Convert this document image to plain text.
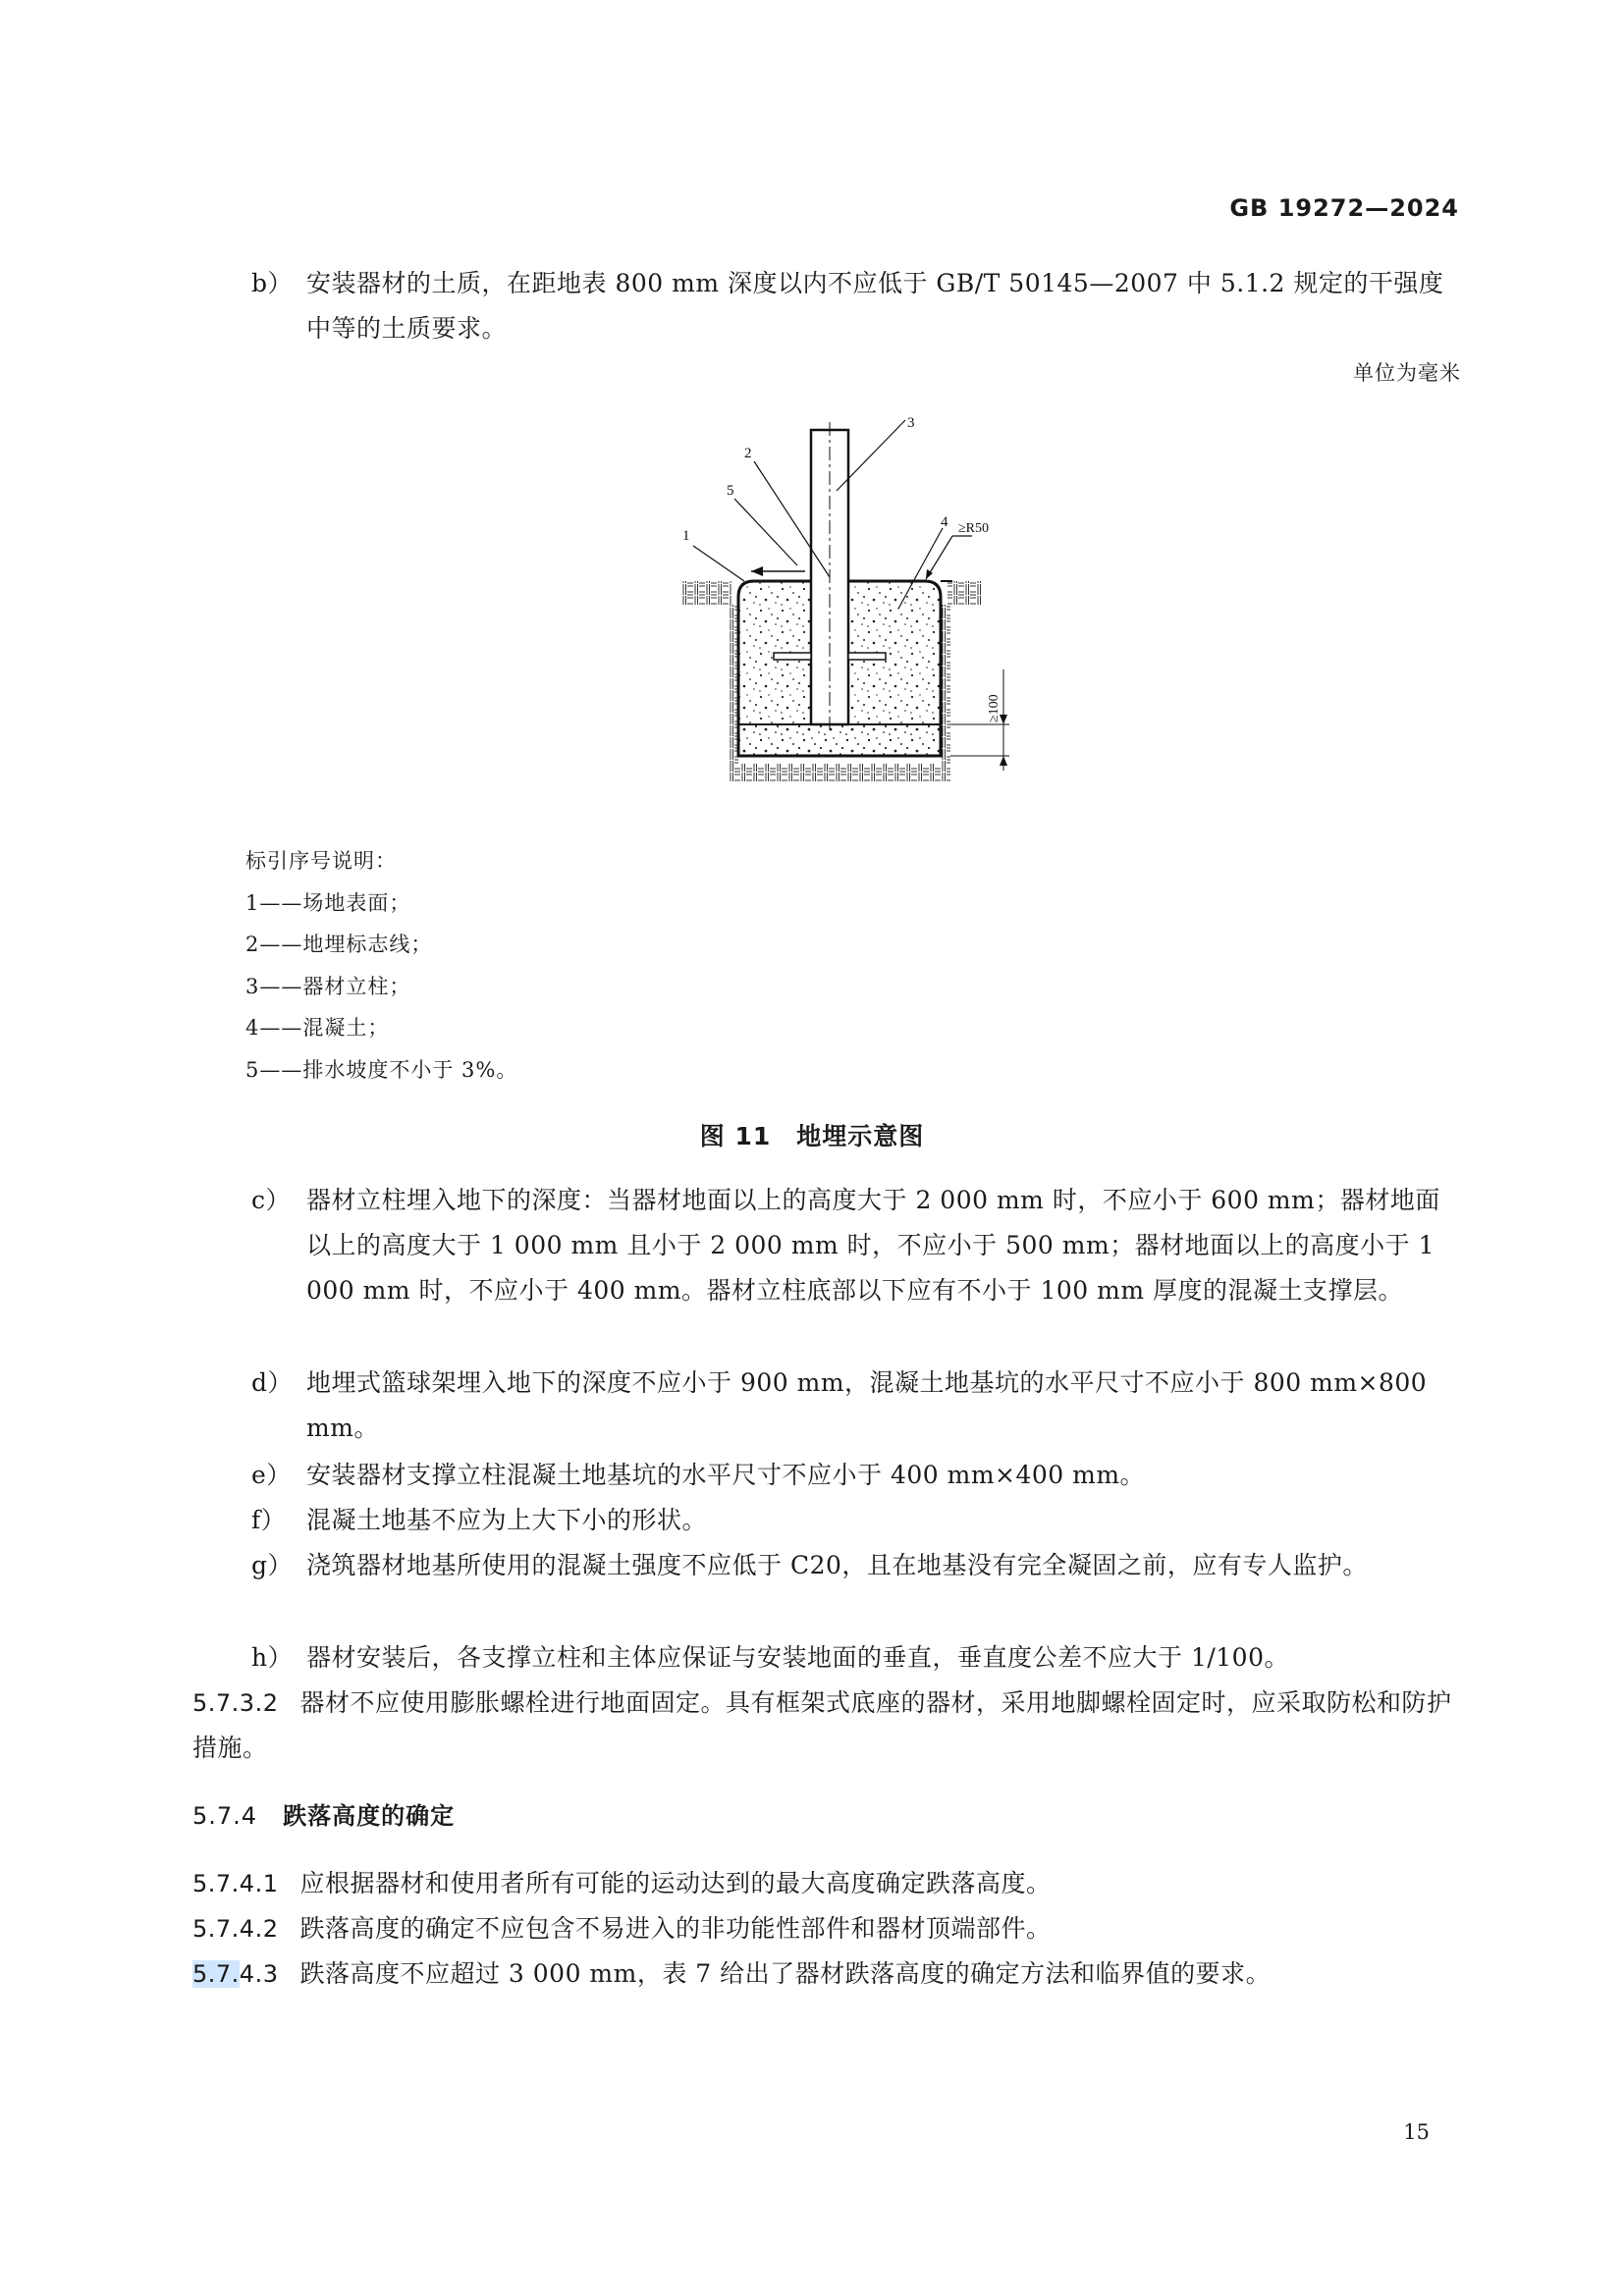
GB 19272—2024
b） 安装器材的土质，在距地表 800 mm 深度以内不应低于 GB/T 50145—2007 中 5.1.2 规定的干强度中等的土质要求。
单位为毫米
1
5
2
3
4 ≥R50
≥100
标引序号说明：
1——场地表面；
2——地埋标志线；
3——器材立柱；
4——混凝土；
5——排水坡度不小于 3%。
图 11　地埋示意图
c） 器材立柱埋入地下的深度：当器材地面以上的高度大于 2 000 mm 时，不应小于 600 mm；器材地面以上的高度大于 1 000 mm 且小于 2 000 mm 时，不应小于 500 mm；器材地面以上的高度小于 1 000 mm 时，不应小于 400 mm。器材立柱底部以下应有不小于 100 mm 厚度的混凝土支撑层。
d） 地埋式篮球架埋入地下的深度不应小于 900 mm，混凝土地基坑的水平尺寸不应小于 800 mm×800 mm。
e） 安装器材支撑立柱混凝土地基坑的水平尺寸不应小于 400 mm×400 mm。
f） 混凝土地基不应为上大下小的形状。
g） 浇筑器材地基所使用的混凝土强度不应低于 C20，且在地基没有完全凝固之前，应有专人监护。
h） 器材安装后，各支撑立柱和主体应保证与安装地面的垂直，垂直度公差不应大于 1/100。
5.7.3.2 器材不应使用膨胀螺栓进行地面固定。具有框架式底座的器材，采用地脚螺栓固定时，应采取防松和防护措施。
5.7.4 跌落高度的确定
5.7.4.1 应根据器材和使用者所有可能的运动达到的最大高度确定跌落高度。
5.7.4.2 跌落高度的确定不应包含不易进入的非功能性部件和器材顶端部件。
5.7.4.3 跌落高度不应超过 3 000 mm，表 7 给出了器材跌落高度的确定方法和临界值的要求。
15
